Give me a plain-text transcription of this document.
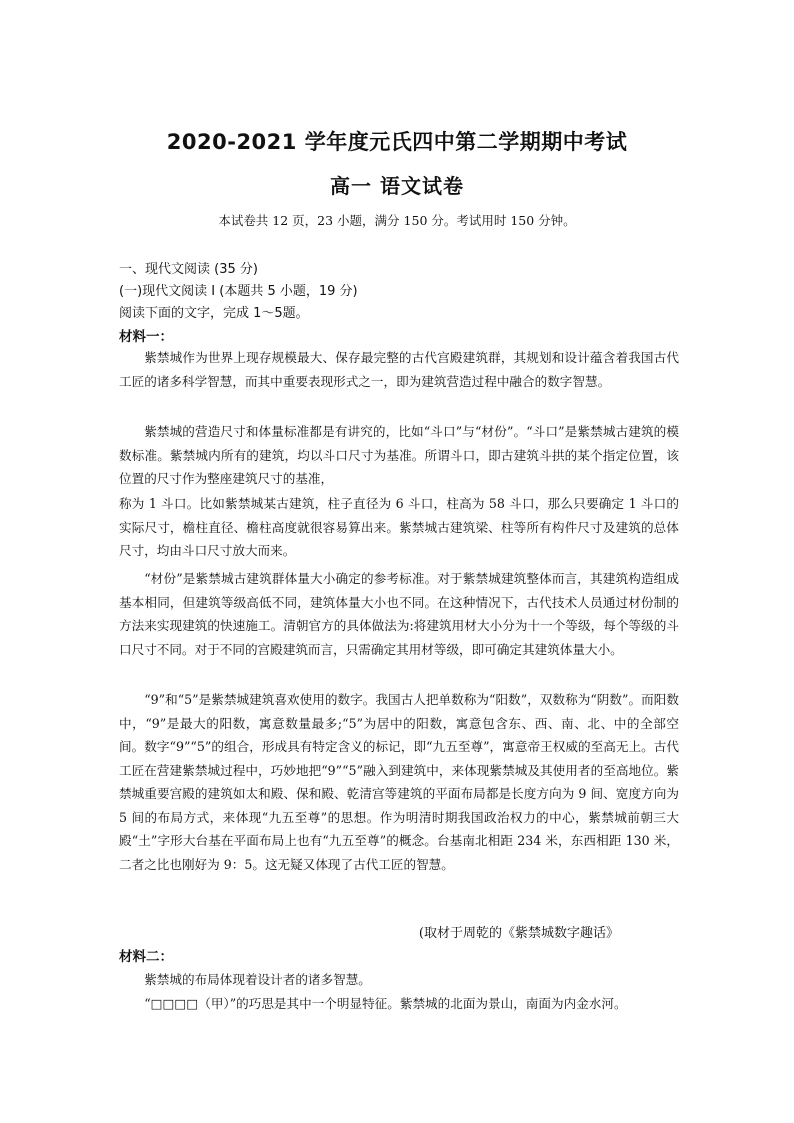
2020-2021 学年度元氏四中第二学期期中考试
高一 语文试卷
本试卷共 12 页，23 小题，满分 150 分。考试用时 150 分钟。
一、现代文阅读 (35 分)
(一)现代文阅读 I (本题共 5 小题，19 分)
阅读下面的文字，完成 1～5题。
材料一：
紫禁城作为世界上现存规模最大、保存最完整的古代宫殿建筑群，其规划和设计蕴含着我国古代工匠的诸多科学智慧，而其中重要表现形式之一，即为建筑营造过程中融合的数字智慧。
紫禁城的营造尺寸和体量标准都是有讲究的，比如“斗口”与“材份”。“斗口”是紫禁城古建筑的模数标准。紫禁城内所有的建筑，均以斗口尺寸为基准。所谓斗口，即古建筑斗拱的某个指定位置，该位置的尺寸作为整座建筑尺寸的基准，
称为 1 斗口。比如紫禁城某古建筑，柱子直径为 6 斗口，柱高为 58 斗口，那么只要确定 1 斗口的实际尺寸，檐柱直径、檐柱高度就很容易算出来。紫禁城古建筑梁、柱等所有构件尺寸及建筑的总体尺寸，均由斗口尺寸放大而来。
“材份”是紫禁城古建筑群体量大小确定的参考标准。对于紫禁城建筑整体而言，其建筑构造组成基本相同，但建筑等级高低不同，建筑体量大小也不同。在这种情况下，古代技术人员通过材份制的方法来实现建筑的快速施工。清朝官方的具体做法为:将建筑用材大小分为十一个等级，每个等级的斗口尺寸不同。对于不同的宫殿建筑而言，只需确定其用材等级，即可确定其建筑体量大小。
“9”和“5”是紫禁城建筑喜欢使用的数字。我国古人把单数称为“阳数”，双数称为“阴数”。而阳数中，“9”是最大的阳数，寓意数量最多;“5”为居中的阳数，寓意包含东、西、南、北、中的全部空间。数字“9”“5”的组合，形成具有特定含义的标记，即“九五至尊”，寓意帝王权威的至高无上。古代工匠在营建紫禁城过程中，巧妙地把“9”“5”融入到建筑中，来体现紫禁城及其使用者的至高地位。紫禁城重要宫殿的建筑如太和殿、保和殿、乾清宫等建筑的平面布局都是长度方向为 9 间、宽度方向为 5 间的布局方式，来体现“九五至尊”的思想。作为明清时期我国政治权力的中心，紫禁城前朝三大殿“土”字形大台基在平面布局上也有“九五至尊”的概念。台基南北相距 234 米，东西相距 130 米，二者之比也刚好为 9：5。这无疑又体现了古代工匠的智慧。
(取材于周乾的《紫禁城数字趣话》
材料二：
紫禁城的布局体现着设计者的诸多智慧。
“□□□□（甲）”的巧思是其中一个明显特征。紫禁城的北面为景山，南面为内金水河。
